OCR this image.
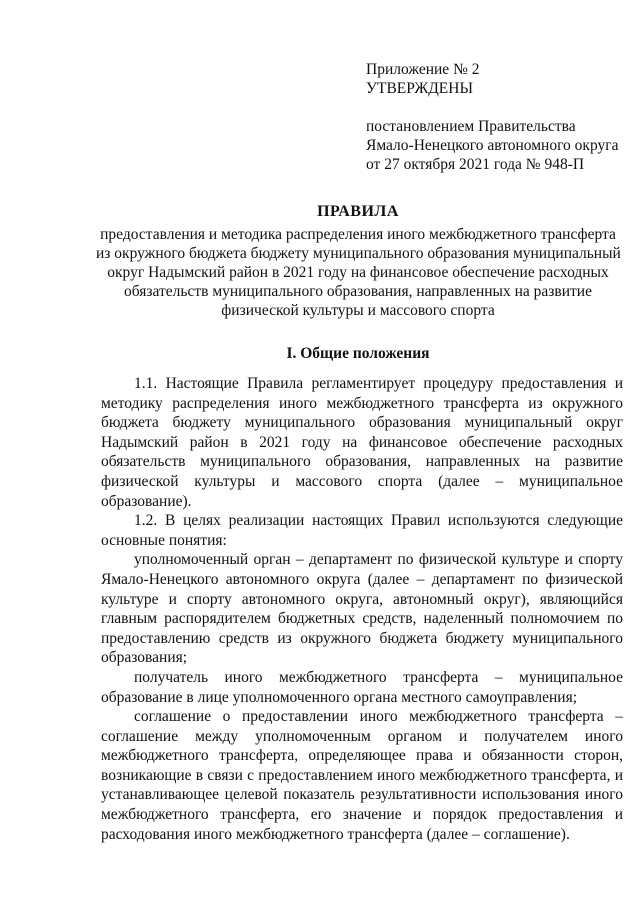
Приложение № 2
УТВЕРЖДЕНЫ
постановлением Правительства
Ямало-Ненецкого автономного округа
от 27 октября 2021 года № 948-П
ПРАВИЛА
предоставления и методика распределения иного межбюджетного трансферта
из окружного бюджета бюджету муниципального образования муниципальный
округ Надымский район в 2021 году на финансовое обеспечение расходных
обязательств муниципального образования, направленных на развитие
физической культуры и массового спорта
I. Общие положения

1.1. Настоящие Правила регламентирует процедуру предоставления и методику распределения иного межбюджетного трансферта из окружного бюджета бюджету муниципального образования муниципальный округ Надымский район в 2021 году на финансовое обеспечение расходных обязательств муниципального образования, направленных на развитие физической культуры и массового спорта (далее – муниципальное образование).

1.2. В целях реализации настоящих Правил используются следующие основные понятия:

уполномоченный орган – департамент по физической культуре и спорту Ямало-Ненецкого автономного округа (далее – департамент по физической культуре и спорту автономного округа, автономный округ), являющийся главным распорядителем бюджетных средств, наделенный полномочием по предоставлению средств из окружного бюджета бюджету муниципального образования;

получатель иного межбюджетного трансферта – муниципальное образование в лице уполномоченного органа местного самоуправления;

соглашение о предоставлении иного межбюджетного трансферта – соглашение между уполномоченным органом и получателем иного межбюджетного трансферта, определяющее права и обязанности сторон, возникающие в связи с предоставлением иного межбюджетного трансферта, и устанавливающее целевой показатель результативности использования иного межбюджетного трансферта, его значение и порядок предоставления и расходования иного межбюджетного трансферта (далее – соглашение).
